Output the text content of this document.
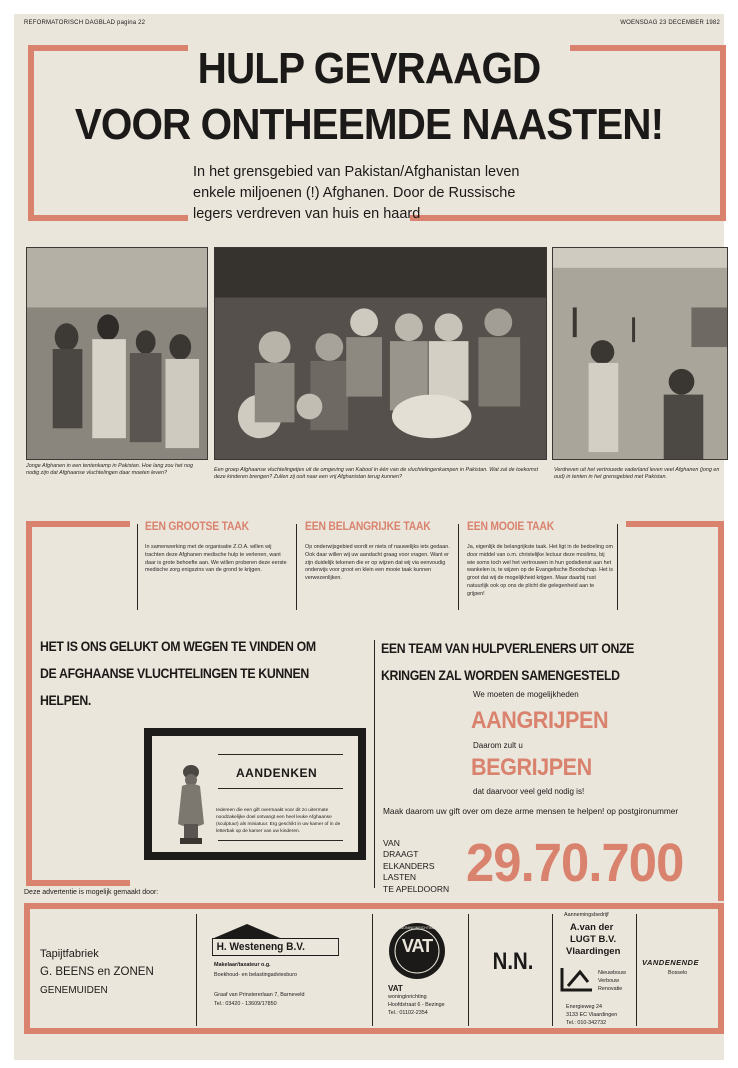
REFORMATORISCH DAGBLAD pagina 22	WOENSDAG 23 DECEMBER 1982
HULP GEVRAAGD
VOOR ONTHEEMDE NAASTEN!
In het grensgebied van Pakistan/Afghanistan leven
enkele miljoenen (!) Afghanen. Door de Russische
legers verdreven van huis en haard
Jonge Afghanen in een tentenkamp in Pakistan. Hoe lang zou het nog nodig zijn dat Afghaanse vluchtelingen daar moeten leven?
Een groep Afghaanse vluchtelingetjes uit de omgeving van Kabool in één van de vluchtelingenkampen in Pakistan. Wat zal de toekomst deze kinderen brengen? Zullen zij ooit naar een vrij Afghanistan terug kunnen?
Verdreven uit het vertrouwde vaderland leven veel Afghanen (jong en oud) in tenten in het grensgebied met Pakistan.
EEN GROOTSE TAAK
In samenwerking met de organisatie Z.O.A. willen wij trachten deze Afghanen medische hulp te verlenen, want daar is grote behoefte aan. We willen proberen deze eerste medische zorg enigszins van de grond te krijgen.
EEN BELANGRIJKE TAAK
Op onderwijsgebied wordt er niets of nauwelijks iets gedaan. Ook daar willen wij uw aandacht graag voor vragen. Want er zijn duidelijk tekenen die er op wijzen dat wij via eenvoudig onderwijs voor groot en klein een mooie taak kunnen verwezenlijken.
EEN MOOIE TAAK
Ja, eigenlijk de belangrijkste taak. Het ligt in de bedoeling om door middel van o.m. christelijke lectuur deze moslims, bij wie soms toch wel het vertrouwen in hun godsdienst aan het wankelen is, te wijzen op de Evangelische Boodschap. Het is groot dat wij de mogelijkheid krijgen. Maar daarbij rust natuurlijk ook op ons de plicht die gelegenheid aan te grijpen!
HET IS ONS GELUKT OM WEGEN TE VINDEN OM
DE AFGHAANSE VLUCHTELINGEN TE KUNNEN
HELPEN.
EEN TEAM VAN HULPVERLENERS UIT ONZE
KRINGEN ZAL WORDEN SAMENGESTELD
AANDENKEN
Iedereen die een gift overmaakt voor dit zo uitermate noodzakelijke doel ontvangt een heel leuke Afghaanse (sculptuur) als miniatuur. Erg geschikt in uw kamer of in de letterbak op de kamer van uw kinderen.
We moeten de mogelijkheden
AANGRIJPEN
Daarom zult u
BEGRIJPEN
dat daarvoor veel geld nodig is!
Maak daarom uw gift over om deze arme mensen te helpen! op postgironummer
VAN
DRAAGT
ELKANDERS
LASTEN
TE APELDOORN 29.70.700
Deze advertentie is mogelijk gemaakt door:
Tapijtfabriek
G. BEENS en ZONEN
GENEMUIDEN
H. Westeneng B.V.
Makelaar/taxateur o.g.
Boekhoud- en belastingadviesburo
Graaf van Prinstererlaan 7, Barneveld
Tel.: 03420 - 13609/17850
WONINGINRICHTING
VAT
VAT
woninginrichting
Hoofdstraat 6 - Bezinge
Tel.: 01102-2354
N.N.
Aannemingsbedrijf
A.van der
LUGT B.V.
Vlaardingen
Nieuwbouw
Verbouw
Renovatie
Energieweg 24
3133 EC Vlaardingen
Tel.: 010-342732
VANDENENDE
Bosselo
